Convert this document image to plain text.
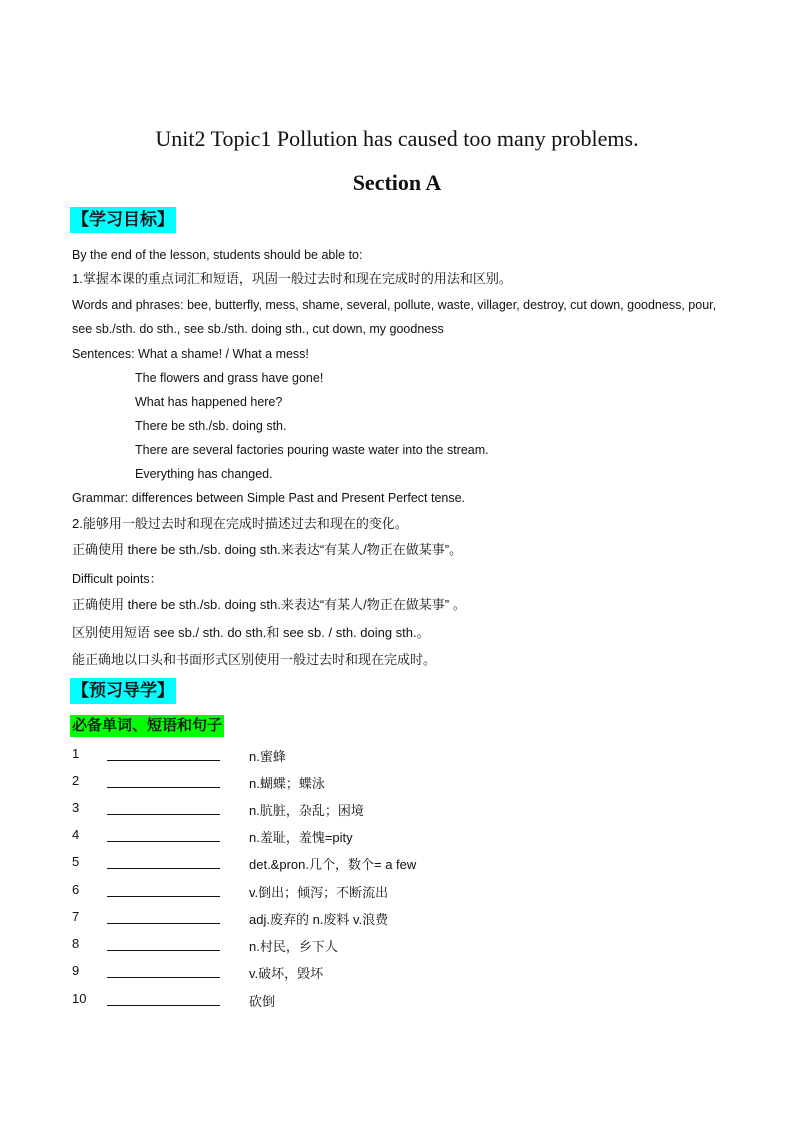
Unit2 Topic1 Pollution has caused too many problems.
Section A
【学习目标】
By the end of the lesson, students should be able to:
1.掌握本课的重点词汇和短语，巩固一般过去时和现在完成时的用法和区别。
Words and phrases: bee, butterfly, mess, shame, several, pollute, waste, villager, destroy, cut down, goodness, pour,
see sb./sth. do sth., see sb./sth. doing sth., cut down, my goodness
Sentences: What a shame! / What a mess!
The flowers and grass have gone!
What has happened here?
There be sth./sb. doing sth.
There are several factories pouring waste water into the stream.
Everything has changed.
Grammar: differences between Simple Past and Present Perfect tense.
2.能够用一般过去时和现在完成时描述过去和现在的变化。
正确使用 there be sth./sb. doing sth.来表达“有某人/物正在做某事”。
Difficult points：
正确使用 there be sth./sb. doing sth.来表达“有某人/物正在做某事” 。
区别使用短语 see sb./ sth. do sth.和 see sb. / sth. doing sth.。
能正确地以口头和书面形式区别使用一般过去时和现在完成时。
【预习导学】
必备单词、短语和句子
1	n.蜜蜂
2	n.蝴蝶；蝶泳
3	n.肮脏，杂乱；困境
4	n.羞耻，羞愧=pity
5	det.&pron.几个，数个= a few
6	v.倒出；倾泻；不断流出
7	adj.废弃的 n.废料 v.浪费
8	n.村民，乡下人
9	v.破坏，毁坏
10	砍倒
